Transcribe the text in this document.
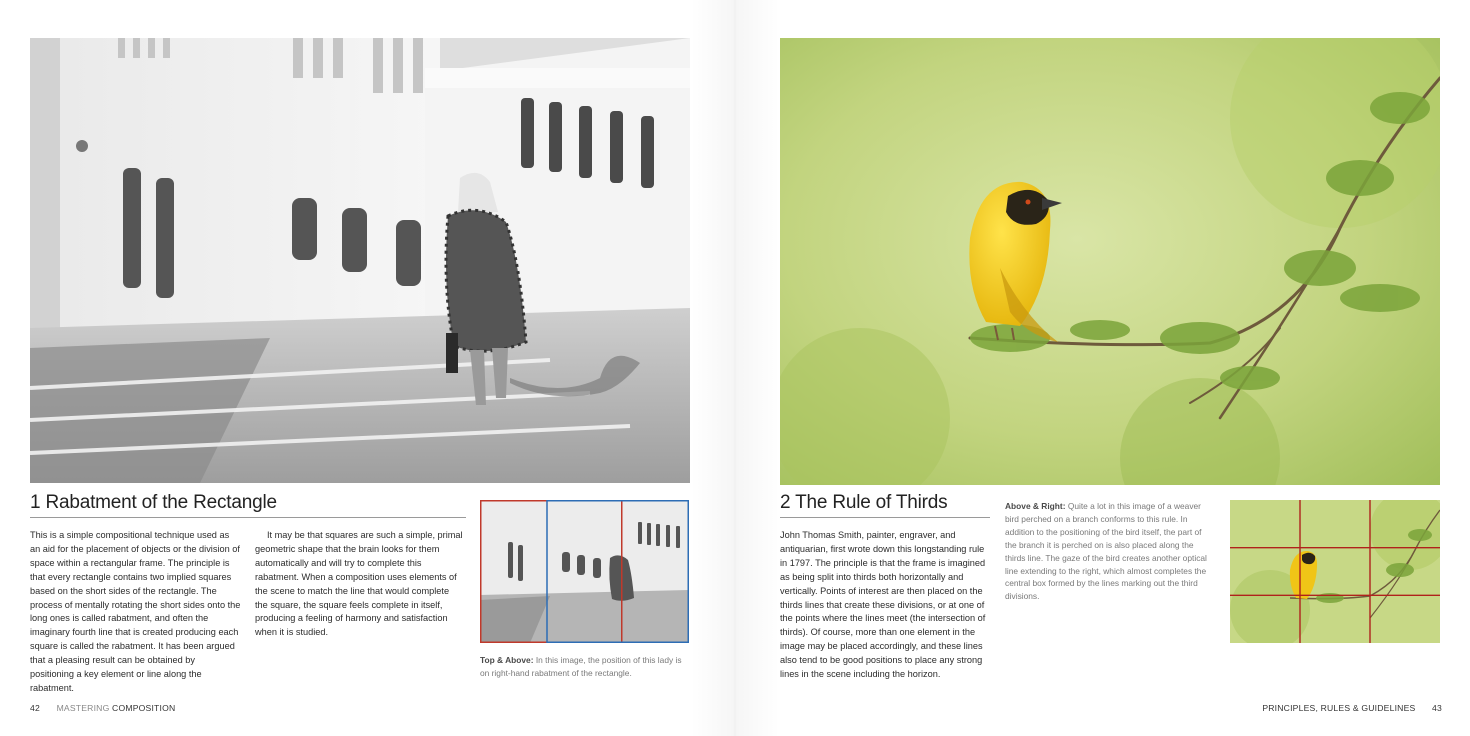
1 Rabatment of the Rectangle
This is a simple compositional technique used as an aid for the placement of objects or the division of space within a rectangular frame. The principle is that every rectangle contains two implied squares based on the short sides of the rectangle. The process of mentally rotating the short sides onto the long ones is called rabatment, and often the imaginary fourth line that is created producing each square is called the rabatment. It has been argued that a pleasing result can be obtained by positioning a key element or line along the rabatment.
It may be that squares are such a simple, primal geometric shape that the brain looks for them automatically and will try to complete this rabatment. When a composition uses elements of the scene to match the line that would complete the square, the square feels complete in itself, producing a feeling of harmony and satisfaction when it is studied.
Top & Above: In this image, the position of this lady is on right-hand rabatment of the rectangle.
42 MASTERING COMPOSITION
2 The Rule of Thirds
John Thomas Smith, painter, engraver, and antiquarian, first wrote down this longstanding rule in 1797. The principle is that the frame is imagined as being split into thirds both horizontally and vertically. Points of interest are then placed on the thirds lines that create these divisions, or at one of the points where the lines meet (the intersection of thirds). Of course, more than one element in the image may be placed accordingly, and these lines also tend to be good positions to place any strong lines in the scene including the horizon.
Above & Right: Quite a lot in this image of a weaver bird perched on a branch conforms to this rule. In addition to the positioning of the bird itself, the part of the branch it is perched on is also placed along the thirds line. The gaze of the bird creates another optical line extending to the right, which almost completes the central box formed by the lines marking out the third divisions.
PRINCIPLES, RULES & GUIDELINES 43
